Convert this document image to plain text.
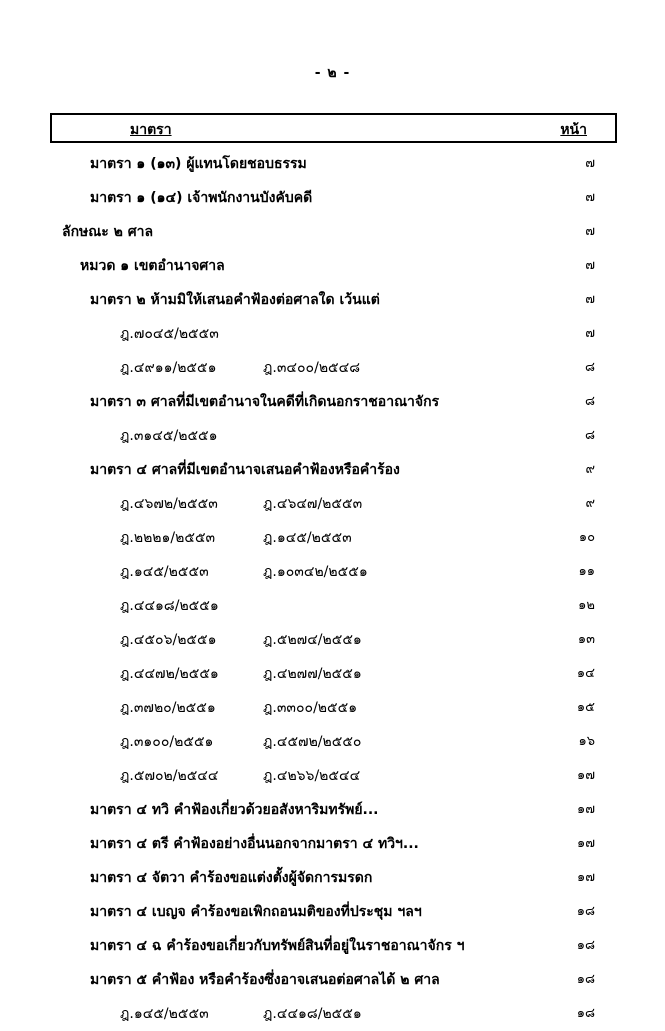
- ๒ -
มาตรา	หน้า
มาตรา ๑ (๑๓) ผู้แทนโดยชอบธรรม	๗
มาตรา ๑ (๑๔) เจ้าพนักงานบังคับคดี	๗
ลักษณะ ๒ ศาล	๗
หมวด ๑ เขตอำนาจศาล	๗
มาตรา ๒ ห้ามมิให้เสนอคำฟ้องต่อศาลใด เว้นแต่	๗
ฎ.๗๐๔๕/๒๕๕๓	๗
ฎ.๔๙๑๑/๒๕๕๑	ฎ.๓๔๐๐/๒๕๔๘	๘
มาตรา ๓ ศาลที่มีเขตอำนาจในคดีที่เกิดนอกราชอาณาจักร	๘
ฎ.๓๑๔๕/๒๕๕๑	๘
มาตรา ๔ ศาลที่มีเขตอำนาจเสนอคำฟ้องหรือคำร้อง	๙
ฎ.๔๖๗๒/๒๕๕๓	ฎ.๔๖๔๗/๒๕๕๓	๙
ฎ.๒๒๒๑/๒๕๕๓	ฎ.๑๔๕/๒๕๕๓	๑๐
ฎ.๑๔๕/๒๕๕๓	ฎ.๑๐๓๔๒/๒๕๕๑	๑๑
ฎ.๔๔๑๘/๒๕๕๑	๑๒
ฎ.๔๕๐๖/๒๕๕๑	ฎ.๕๒๗๔/๒๕๕๑	๑๓
ฎ.๔๔๗๒/๒๕๕๑	ฎ.๔๒๗๗/๒๕๕๑	๑๔
ฎ.๓๗๒๐/๒๕๕๑	ฎ.๓๓๐๐/๒๕๕๑	๑๕
ฎ.๓๑๐๐/๒๕๕๑	ฎ.๔๕๗๒/๒๕๕๐	๑๖
ฎ.๕๗๐๒/๒๕๔๔	ฎ.๔๒๖๖/๒๕๔๔	๑๗
มาตรา ๔ ทวิ คำฟ้องเกี่ยวด้วยอสังหาริมทรัพย์...	๑๗
มาตรา ๔ ตรี คำฟ้องอย่างอื่นนอกจากมาตรา ๔ ทวิฯ...	๑๗
มาตรา ๔ จัตวา คำร้องขอแต่งตั้งผู้จัดการมรดก	๑๗
มาตรา ๔ เบญจ คำร้องขอเพิกถอนมติของที่ประชุม ฯลฯ	๑๘
มาตรา ๔ ฉ คำร้องขอเกี่ยวกับทรัพย์สินที่อยู่ในราชอาณาจักร ฯ	๑๘
มาตรา ๕ คำฟ้อง หรือคำร้องซึ่งอาจเสนอต่อศาลได้ ๒ ศาล	๑๘
ฎ.๑๔๕/๒๕๕๓	ฎ.๔๔๑๘/๒๕๕๑	๑๘
